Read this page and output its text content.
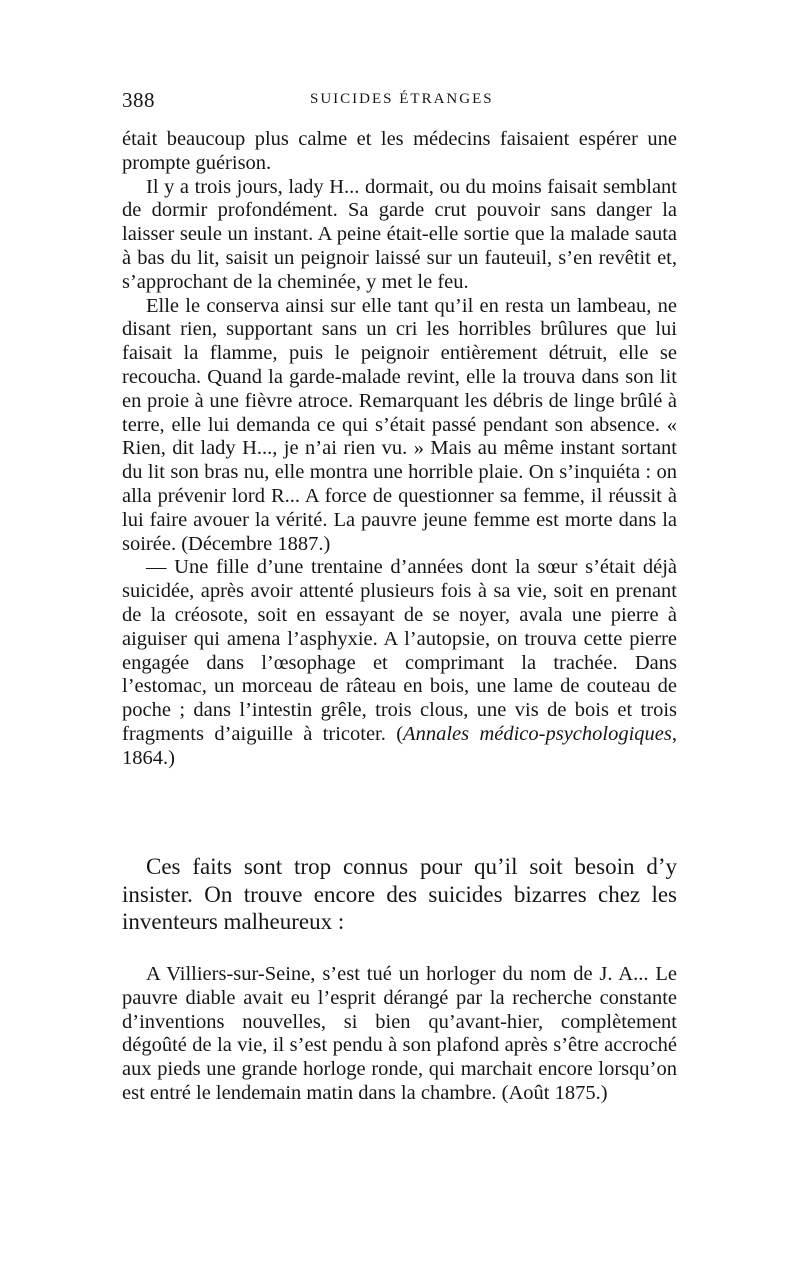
388	SUICIDES ÉTRANGES

était beaucoup plus calme et les médecins faisaient espérer une prompte guérison.

Il y a trois jours, lady H... dormait, ou du moins faisait semblant de dormir profondément. Sa garde crut pouvoir sans danger la laisser seule un instant. A peine était-elle sortie que la malade sauta à bas du lit, saisit un peignoir laissé sur un fauteuil, s’en revêtit et, s’approchant de la cheminée, y met le feu.

Elle le conserva ainsi sur elle tant qu’il en resta un lambeau, ne disant rien, supportant sans un cri les horribles brûlures que lui faisait la flamme, puis le peignoir entièrement détruit, elle se recoucha. Quand la garde-malade revint, elle la trouva dans son lit en proie à une fièvre atroce. Remarquant les débris de linge brûlé à terre, elle lui demanda ce qui s’était passé pendant son absence. « Rien, dit lady H..., je n’ai rien vu. » Mais au même instant sortant du lit son bras nu, elle montra une horrible plaie. On s’inquiéta : on alla prévenir lord R... A force de questionner sa femme, il réussit à lui faire avouer la vérité. La pauvre jeune femme est morte dans la soirée. (Décembre 1887.)

— Une fille d’une trentaine d’années dont la sœur s’était déjà suicidée, après avoir attenté plusieurs fois à sa vie, soit en prenant de la créosote, soit en essayant de se noyer, avala une pierre à aiguiser qui amena l’asphyxie. A l’autopsie, on trouva cette pierre engagée dans l’œsophage et comprimant la trachée. Dans l’estomac, un morceau de râteau en bois, une lame de couteau de poche ; dans l’intestin grêle, trois clous, une vis de bois et trois fragments d’aiguille à tricoter. (Annales médico-psychologiques, 1864.)

Ces faits sont trop connus pour qu’il soit besoin d’y insister. On trouve encore des suicides bizarres chez les inventeurs malheureux :

A Villiers-sur-Seine, s’est tué un horloger du nom de J. A... Le pauvre diable avait eu l’esprit dérangé par la recherche constante d’inventions nouvelles, si bien qu’avant-hier, complètement dégoûté de la vie, il s’est pendu à son plafond après s’être accroché aux pieds une grande horloge ronde, qui marchait encore lorsqu’on est entré le lendemain matin dans la chambre. (Août 1875.)
